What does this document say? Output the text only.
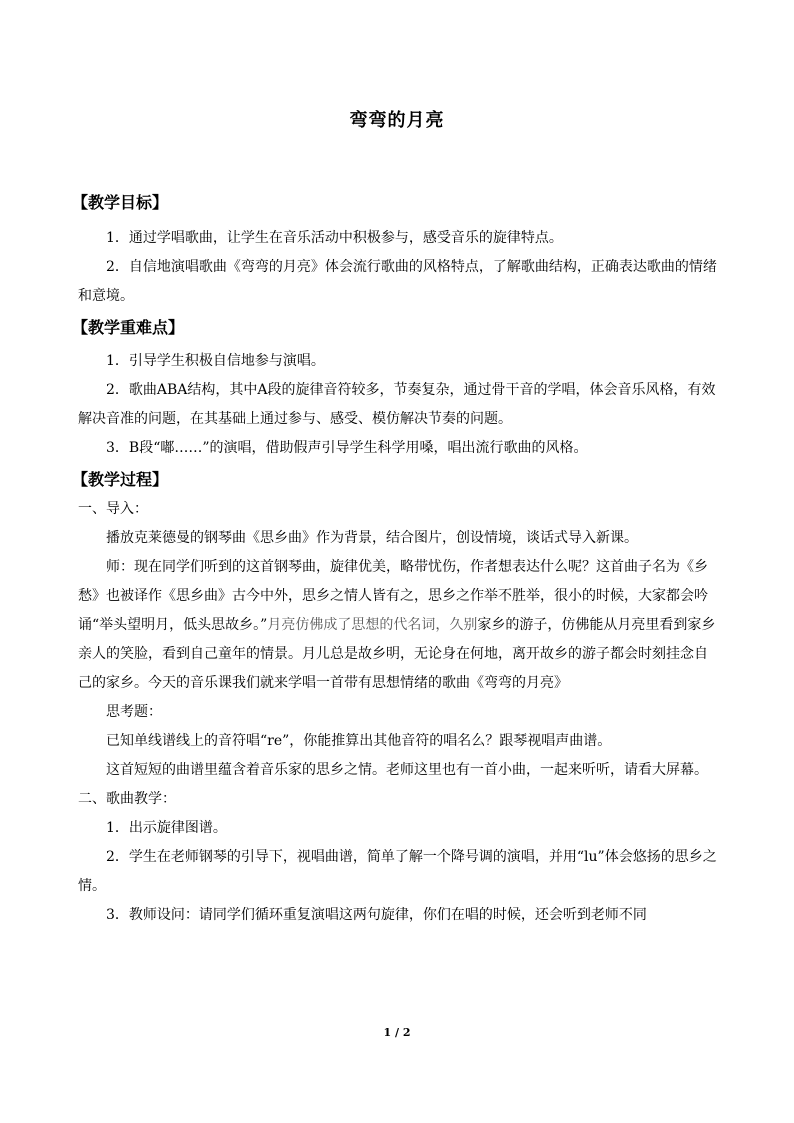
弯弯的月亮
【教学目标】

1．通过学唱歌曲，让学生在音乐活动中积极参与，感受音乐的旋律特点。

2．自信地演唱歌曲《弯弯的月亮》体会流行歌曲的风格特点，了解歌曲结构，正确表达歌曲的情绪和意境。

【教学重难点】

1．引导学生积极自信地参与演唱。

2．歌曲ABA结构，其中A段的旋律音符较多，节奏复杂，通过骨干音的学唱，体会音乐风格，有效解决音准的问题，在其基础上通过参与、感受、模仿解决节奏的问题。

3．B段“嘟……”的演唱，借助假声引导学生科学用嗓，唱出流行歌曲的风格。

【教学过程】

一、导入：

播放克莱德曼的钢琴曲《思乡曲》作为背景，结合图片，创设情境，谈话式导入新课。

师：现在同学们听到的这首钢琴曲，旋律优美，略带忧伤，作者想表达什么呢？这首曲子名为《乡愁》也被译作《思乡曲》古今中外，思乡之情人皆有之，思乡之作举不胜举，很小的时候，大家都会吟诵“举头望明月，低头思故乡。”月亮仿佛成了思想的代名词，久别家乡的游子，仿佛能从月亮里看到家乡亲人的笑脸，看到自己童年的情景。月儿总是故乡明，无论身在何地，离开故乡的游子都会时刻挂念自己的家乡。今天的音乐课我们就来学唱一首带有思想情绪的歌曲《弯弯的月亮》

思考题：

已知单线谱线上的音符唱“re”，你能推算出其他音符的唱名么？跟琴视唱声曲谱。

这首短短的曲谱里蕴含着音乐家的思乡之情。老师这里也有一首小曲，一起来听听，请看大屏幕。

二、歌曲教学：

1．出示旋律图谱。

2．学生在老师钢琴的引导下，视唱曲谱，简单了解一个降号调的演唱，并用“lu”体会悠扬的思乡之情。

3．教师设问：请同学们循环重复演唱这两句旋律，你们在唱的时候，还会听到老师不同

1 / 2
